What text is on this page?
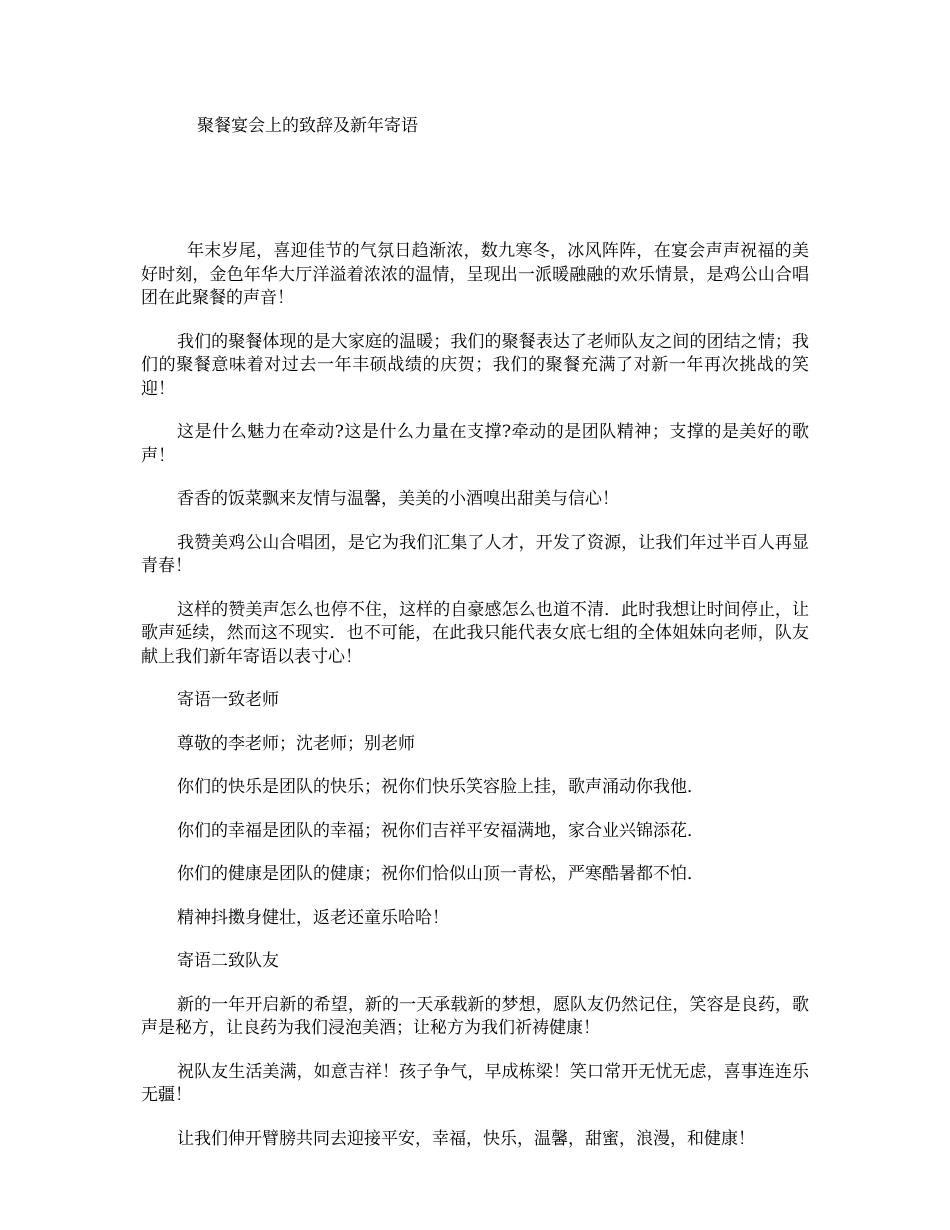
聚餐宴会上的致辞及新年寄语

年末岁尾，喜迎佳节的气氛日趋渐浓，数九寒冬，冰风阵阵，在宴会声声祝福的美好时刻，金色年华大厅洋溢着浓浓的温情，呈现出一派暖融融的欢乐情景，是鸡公山合唱团在此聚餐的声音！

我们的聚餐体现的是大家庭的温暖；我们的聚餐表达了老师队友之间的团结之情；我们的聚餐意味着对过去一年丰硕战绩的庆贺；我们的聚餐充满了对新一年再次挑战的笑迎！

这是什么魅力在牵动?这是什么力量在支撑?牵动的是团队精神；支撑的是美好的歌声！

香香的饭菜飘来友情与温馨，美美的小酒嗅出甜美与信心！

我赞美鸡公山合唱团，是它为我们汇集了人才，开发了资源，让我们年过半百人再显青春！

这样的赞美声怎么也停不住，这样的自豪感怎么也道不清．此时我想让时间停止，让歌声延续，然而这不现实．也不可能，在此我只能代表女底七组的全体姐妹向老师，队友献上我们新年寄语以表寸心！

寄语一致老师

尊敬的李老师；沈老师；别老师

你们的快乐是团队的快乐；祝你们快乐笑容脸上挂，歌声涌动你我他．

你们的幸福是团队的幸福；祝你们吉祥平安福满地，家合业兴锦添花．

你们的健康是团队的健康；祝你们恰似山顶一青松，严寒酷暑都不怕．

精神抖擞身健壮，返老还童乐哈哈！

寄语二致队友

新的一年开启新的希望，新的一天承载新的梦想，愿队友仍然记住，笑容是良药，歌声是秘方，让良药为我们浸泡美酒；让秘方为我们祈祷健康！

祝队友生活美满，如意吉祥！孩子争气，早成栋梁！笑口常开无忧无虑，喜事连连乐无疆！

让我们伸开臂膀共同去迎接平安，幸福，快乐，温馨，甜蜜，浪漫，和健康！
